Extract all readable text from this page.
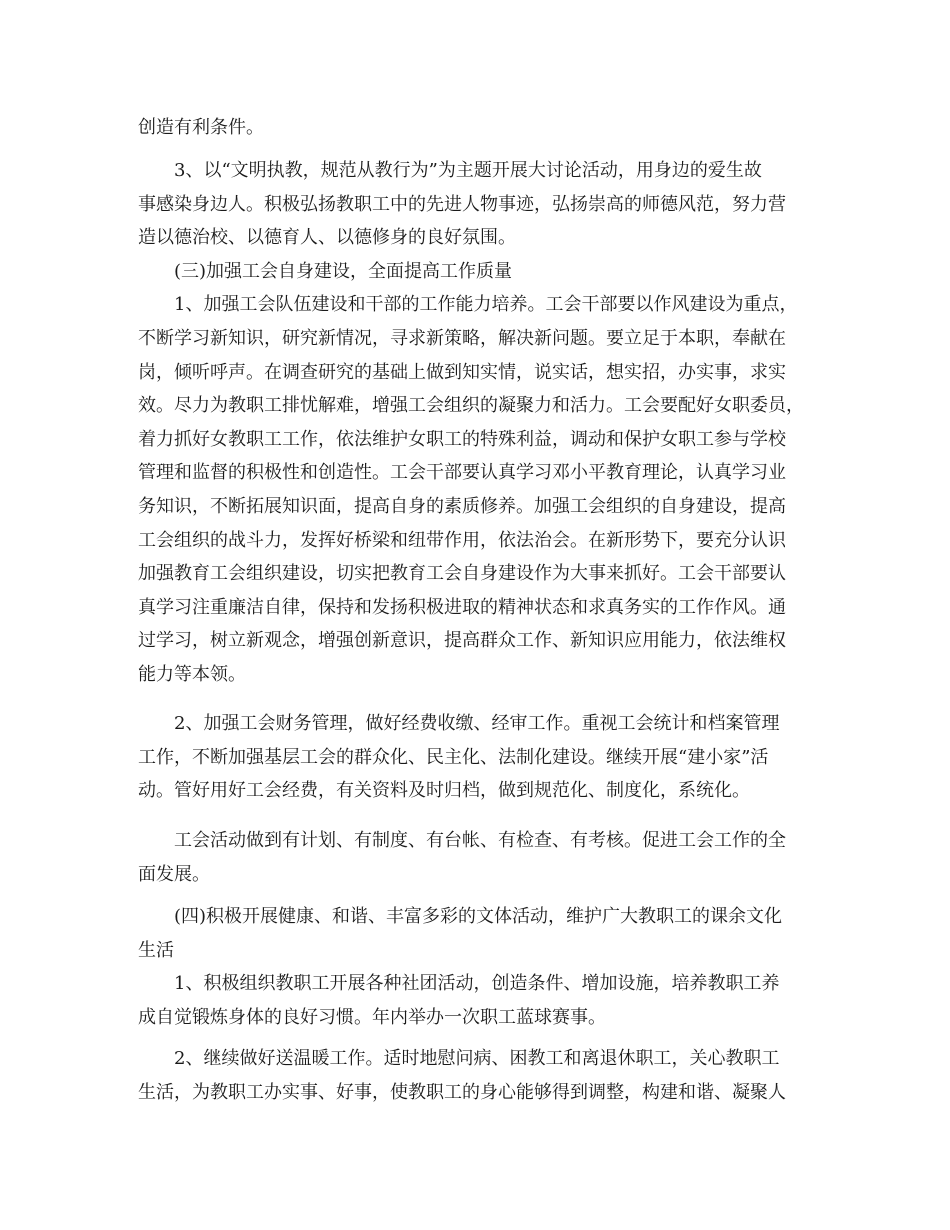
创造有利条件。
3、以“文明执教，规范从教行为”为主题开展大讨论活动，用身边的爱生故
事感染身边人。积极弘扬教职工中的先进人物事迹，弘扬崇高的师德风范，努力营
造以德治校、以德育人、以德修身的良好氛围。
(三)加强工会自身建设，全面提高工作质量
1、加强工会队伍建设和干部的工作能力培养。工会干部要以作风建设为重点，
不断学习新知识，研究新情况，寻求新策略，解决新问题。要立足于本职，奉献在
岗，倾听呼声。在调查研究的基础上做到知实情，说实话，想实招，办实事，求实
效。尽力为教职工排忧解难，增强工会组织的凝聚力和活力。工会要配好女职委员，
着力抓好女教职工工作，依法维护女职工的特殊利益，调动和保护女职工参与学校
管理和监督的积极性和创造性。工会干部要认真学习邓小平教育理论，认真学习业
务知识，不断拓展知识面，提高自身的素质修养。加强工会组织的自身建设，提高
工会组织的战斗力，发挥好桥梁和纽带作用，依法治会。在新形势下，要充分认识
加强教育工会组织建设，切实把教育工会自身建设作为大事来抓好。工会干部要认
真学习注重廉洁自律，保持和发扬积极进取的精神状态和求真务实的工作作风。通
过学习，树立新观念，增强创新意识，提高群众工作、新知识应用能力，依法维权
能力等本领。
2、加强工会财务管理，做好经费收缴、经审工作。重视工会统计和档案管理
工作，不断加强基层工会的群众化、民主化、法制化建设。继续开展“建小家”活
动。管好用好工会经费，有关资料及时归档，做到规范化、制度化，系统化。
工会活动做到有计划、有制度、有台帐、有检查、有考核。促进工会工作的全
面发展。
(四)积极开展健康、和谐、丰富多彩的文体活动，维护广大教职工的课余文化
生活
1、积极组织教职工开展各种社团活动，创造条件、增加设施，培养教职工养
成自觉锻炼身体的良好习惯。年内举办一次职工蓝球赛事。
2、继续做好送温暖工作。适时地慰问病、困教工和离退休职工，关心教职工
生活，为教职工办实事、好事，使教职工的身心能够得到调整，构建和谐、凝聚人
